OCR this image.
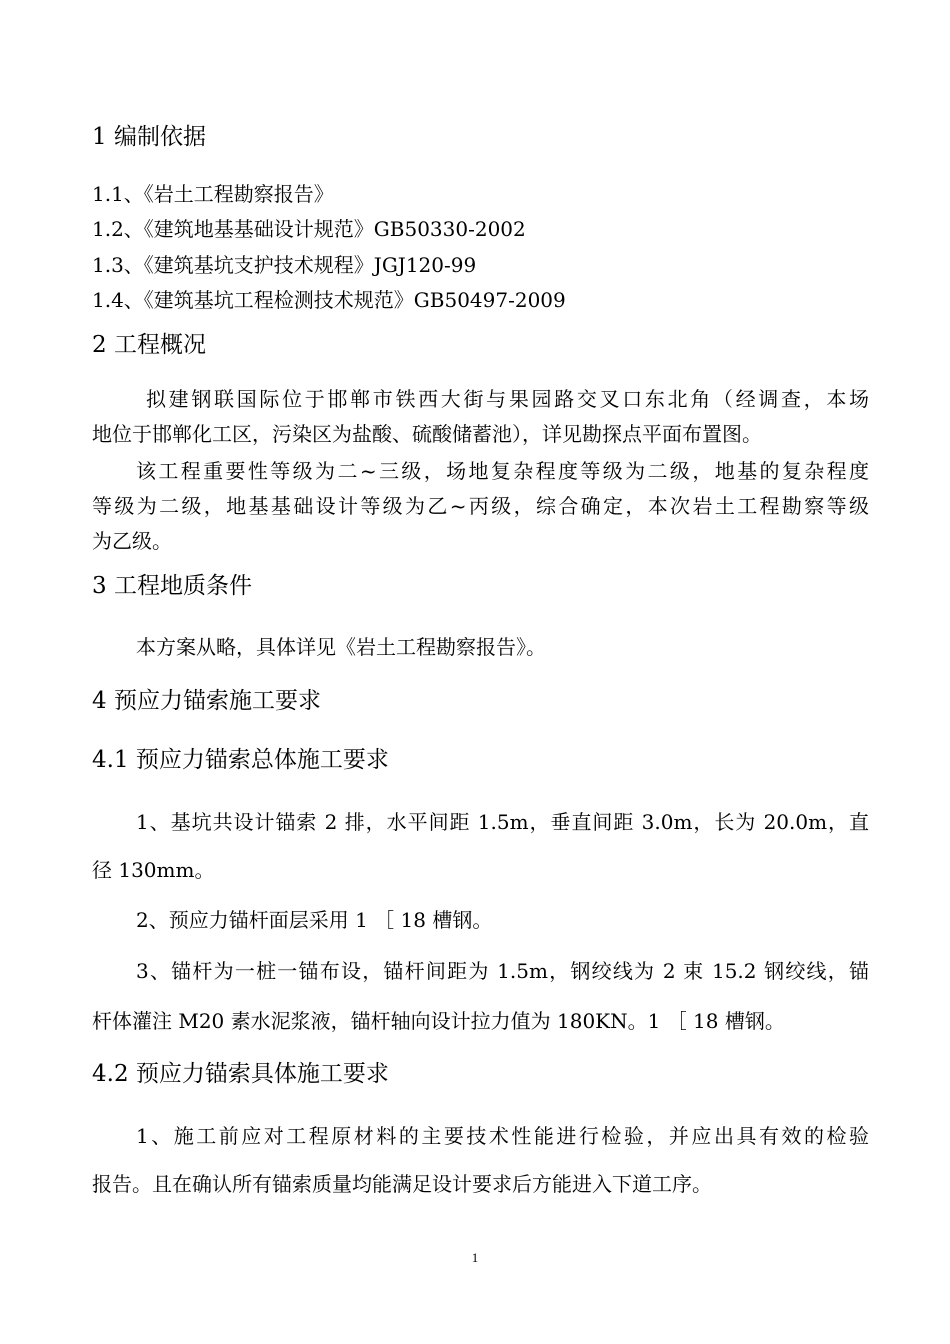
1 编制依据
1.1、《岩土工程勘察报告》
1.2、《建筑地基基础设计规范》GB50330-2002
1.3、《建筑基坑支护技术规程》JGJ120-99
1.4、《建筑基坑工程检测技术规范》GB50497-2009
2 工程概况
拟建钢联国际位于邯郸市铁西大街与果园路交叉口东北角（经调查，本场
地位于邯郸化工区，污染区为盐酸、硫酸储蓄池），详见勘探点平面布置图。
该工程重要性等级为二~三级，场地复杂程度等级为二级，地基的复杂程度
等级为二级，地基基础设计等级为乙~丙级，综合确定，本次岩土工程勘察等级
为乙级。
3 工程地质条件
本方案从略，具体详见《岩土工程勘察报告》。
4 预应力锚索施工要求
4.1 预应力锚索总体施工要求
1、基坑共设计锚索 2 排，水平间距 1.5m，垂直间距 3.0m，长为 20.0m，直
径 130mm。
2、预应力锚杆面层采用 1 ［ 18 槽钢。
3、锚杆为一桩一锚布设，锚杆间距为 1.5m，钢绞线为 2 束 15.2 钢绞线，锚
杆体灌注 M20 素水泥浆液，锚杆轴向设计拉力值为 180KN。1 ［ 18 槽钢。
4.2 预应力锚索具体施工要求
1、施工前应对工程原材料的主要技术性能进行检验，并应出具有效的检验
报告。且在确认所有锚索质量均能满足设计要求后方能进入下道工序。
1
